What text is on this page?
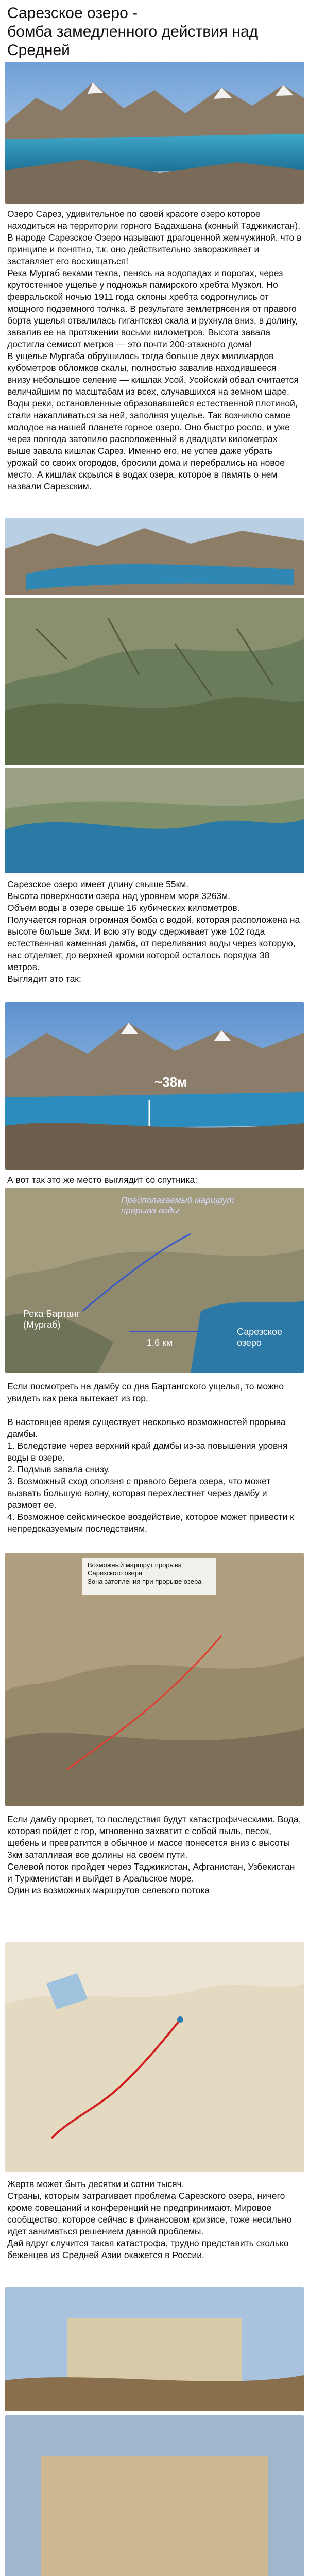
Сарезское озеро -
бомба замедленного действия над Средней

Озеро Сарез, удивительное по своей красоте озеро которое находиться на территории горного Бадахшана (конный Таджикистан).
В народе Сарезское Озеро называют драгоценной жемчужиной, что в принципе и понятно, т.к. оно действительно завораживает и заставляет его восхищаться!
Река Мургаб веками текла, пенясь на водопадах и порогах, через крутостенное ущелье у подножья памирского хребта Музкол. Но февральской ночью 1911 года склоны хребта содрогнулись от мощного подземного толчка. В результате землетрясения от правого борта ущелья отвалилась гигантская скала и рухнула вниз, в долину, завалив ее на протяжении восьми километров. Высота завала достигла семисот метров — это почти 200-этажного дома!
В ущелье Мургаба обрушилось тогда больше двух миллиардов кубометров обломков скалы, полностью завалив находившееся внизу небольшое селение — кишлак Усой. Усойский обвал считается величайшим по масштабам из всех, случавшихся на земном шаре.
Воды реки, остановленные образовавшейся естественной плотиной, стали накапливаться за ней, заполняя ущелье. Так возникло самое молодое на нашей планете горное озеро. Оно быстро росло, и уже через полгода затопило расположенный в двадцати километрах выше завала кишлак Сарез. Именно его, не успев даже убрать урожай со своих огородов, бросили дома и перебрались на новое место. А кишлак скрылся в водах озера, которое в память о нем назвали Сарезским.
Сарезское озеро имеет длину свыше 55км.
Высота поверхности озера над уровнем моря 3263м.
Объем воды в озере свыше 16 кубических километров.
Получается горная огромная бомба с водой, которая расположена на высоте больше 3км. И всю эту воду сдерживает уже 102 года естественная каменная дамба, от переливания воды через которую, нас отделяет, до верхней кромки которой осталось порядка 38 метров.
Выглядит это так:
~38м
А вот так это же место выглядит со спутника:
Предполагаемый маршрут
прорыва воды
Река Бартанг
(Мургаб)
1,6 км
Сарезское
озеро
Если посмотреть на дамбу со дна Бартангского ущелья, то можно увидеть как река вытекает из гор.

В настоящее время существует несколько возможностей прорыва дамбы.
1. Вследствие через верхний край дамбы из-за повышения уровня воды в озере.
2. Подмыв завала снизу.
3. Возможный сход оползня с правого берега озера, что может вызвать большую волну, которая перехлестнет через дамбу и размоет ее.
4. Возможное сейсмическое воздействие, которое может привести к непредсказуемым последствиям.
Возможный маршрут прорыва Сарезского озера
Зона затопления при прорыве озера
Если дамбу прорвет, то последствия будут катастрофическими. Вода, которая пойдет с гор, мгновенно захватит с собой пыль, песок, щебень и превратится в обычное и массе понесется вниз с высоты 3км затапливая все долины на своем пути.
Селевой поток пройдет через Таджикистан, Афганистан, Узбекистан и Туркменистан и выйдет в Аральское море.
Один из возможных маршрутов селевого потока
Жертв может быть десятки и сотни тысяч.
Страны, которым затрагивает проблема Сарезского озера, ничего кроме совещаний и конференций не предпринимают. Мировое сообщество, которое сейчас в финансовом кризисе, тоже несильно идет заниматься решением данной проблемы.
Дай вдруг случится такая катастрофа, трудно представить сколько беженцев из Средней Азии окажется в России.
